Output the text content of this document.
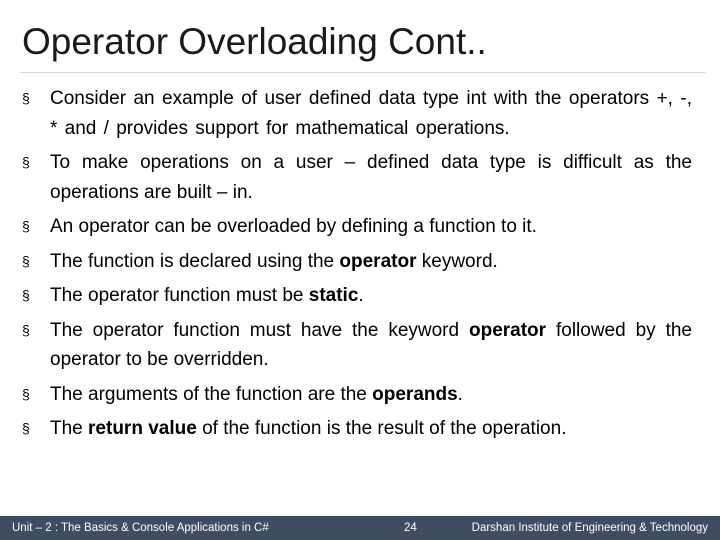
Operator Overloading Cont..
§ Consider an example of user defined data type int with the operators +, -, * and / provides support for mathematical operations.
§ To make operations on a user – defined data type is difficult as the operations are built – in.
§ An operator can be overloaded by defining a function to it.
§ The function is declared using the operator keyword.
§ The operator function must be static.
§ The operator function must have the keyword operator followed by the operator to be overridden.
§ The arguments of the function are the operands.
§ The return value of the function is the result of the operation.
Unit – 2 : The Basics & Console Applications in C#	24	Darshan Institute of Engineering & Technology
